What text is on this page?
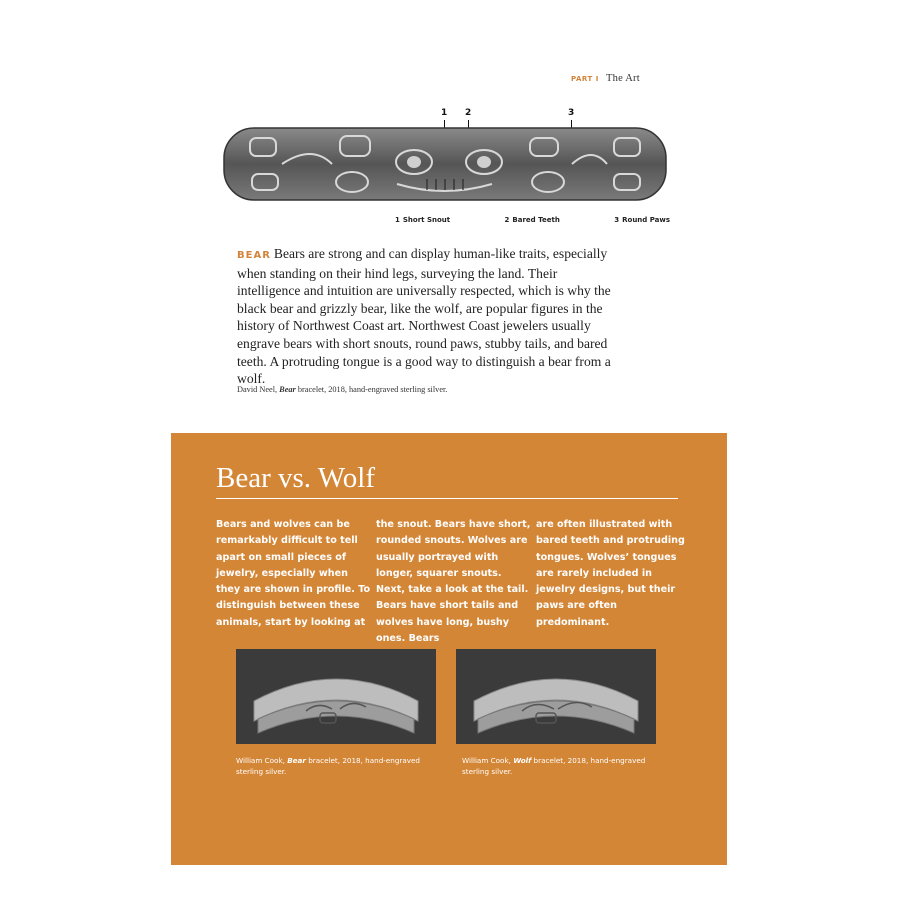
PART I The Art
1 2	3
1 Short Snout	2 Bared Teeth	3 Round Paws
BEAR Bears are strong and can display human-like traits, especially when standing on their hind legs, surveying the land. Their intelligence and intuition are universally respected, which is why the black bear and grizzly bear, like the wolf, are popular figures in the history of Northwest Coast art. Northwest Coast jewelers usually engrave bears with short snouts, round paws, stubby tails, and bared teeth. A protruding tongue is a good way to distinguish a bear from a wolf.
David Neel, Bear bracelet, 2018, hand-engraved sterling silver.
Bear vs. Wolf
Bears and wolves can be remarkably difficult to tell apart on small pieces of jewelry, especially when they are shown in profile. To distinguish between these animals, start by looking at
the snout. Bears have short, rounded snouts. Wolves are usually portrayed with longer, squarer snouts. Next, take a look at the tail. Bears have short tails and wolves have long, bushy ones. Bears
are often illustrated with bared teeth and protruding tongues. Wolves’ tongues are rarely included in jewelry designs, but their paws are often predominant.
William Cook, Bear bracelet, 2018, hand-engraved sterling silver.
William Cook, Wolf bracelet, 2018, hand-engraved sterling silver.
